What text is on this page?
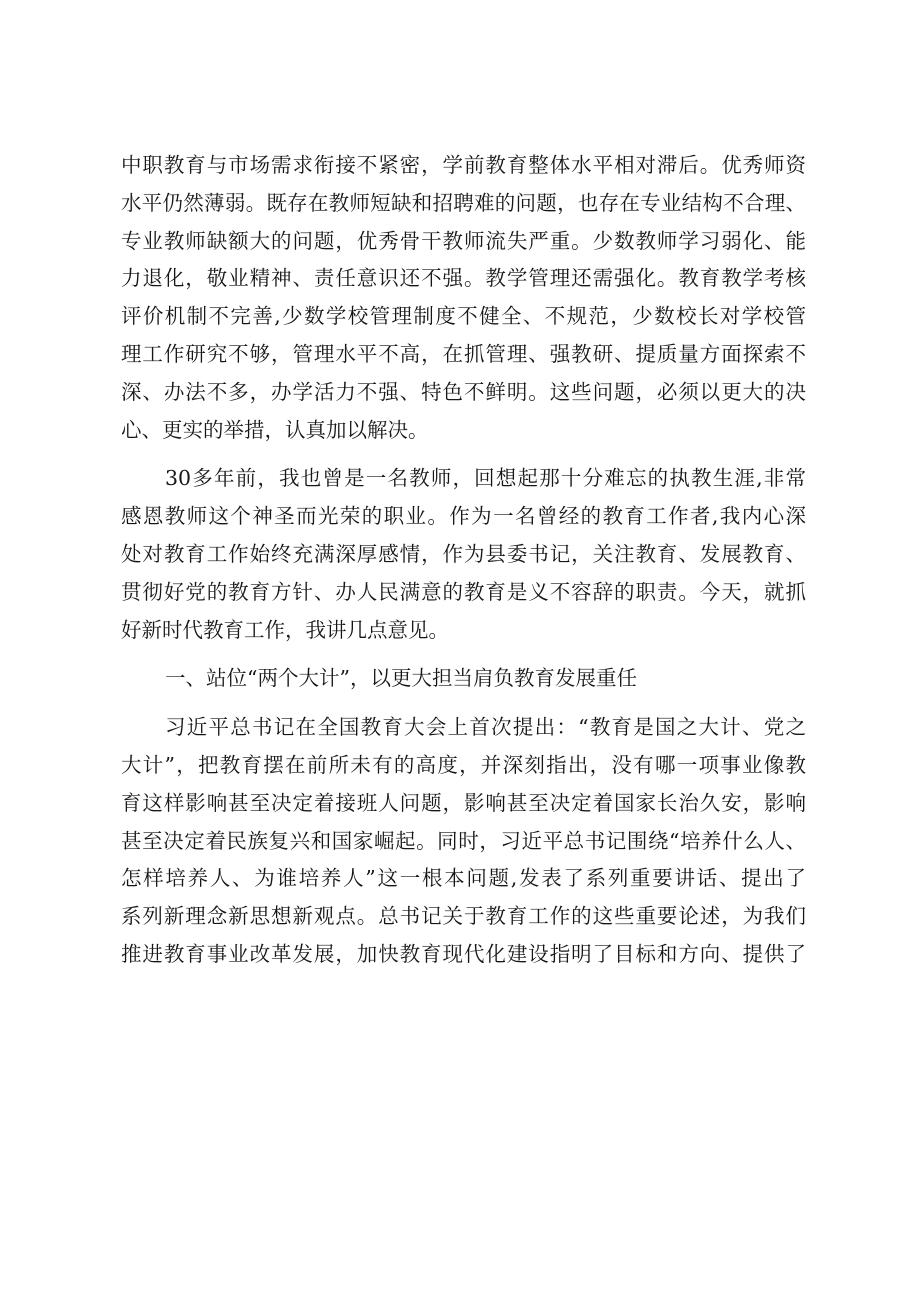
中职教育与市场需求衔接不紧密，学前教育整体水平相对滞后。优秀师资
水平仍然薄弱。既存在教师短缺和招聘难的问题，也存在专业结构不合理、
专业教师缺额大的问题，优秀骨干教师流失严重。少数教师学习弱化、能
力退化，敬业精神、责任意识还不强。教学管理还需强化。教育教学考核
评价机制不完善,少数学校管理制度不健全、不规范，少数校长对学校管
理工作研究不够，管理水平不高，在抓管理、强教研、提质量方面探索不
深、办法不多，办学活力不强、特色不鲜明。这些问题，必须以更大的决
心、更实的举措，认真加以解决。
30多年前，我也曾是一名教师，回想起那十分难忘的执教生涯,非常
感恩教师这个神圣而光荣的职业。作为一名曾经的教育工作者,我内心深
处对教育工作始终充满深厚感情，作为县委书记，关注教育、发展教育、
贯彻好党的教育方针、办人民满意的教育是义不容辞的职责。今天，就抓
好新时代教育工作，我讲几点意见。
一、站位“两个大计”，以更大担当肩负教育发展重任
习近平总书记在全国教育大会上首次提出：“教育是国之大计、党之
大计”，把教育摆在前所未有的高度，并深刻指出，没有哪一项事业像教
育这样影响甚至决定着接班人问题，影响甚至决定着国家长治久安，影响
甚至决定着民族复兴和国家崛起。同时，习近平总书记围绕“培养什么人、
怎样培养人、为谁培养人”这一根本问题,发表了系列重要讲话、提出了
系列新理念新思想新观点。总书记关于教育工作的这些重要论述，为我们
推进教育事业改革发展，加快教育现代化建设指明了目标和方向、提供了
